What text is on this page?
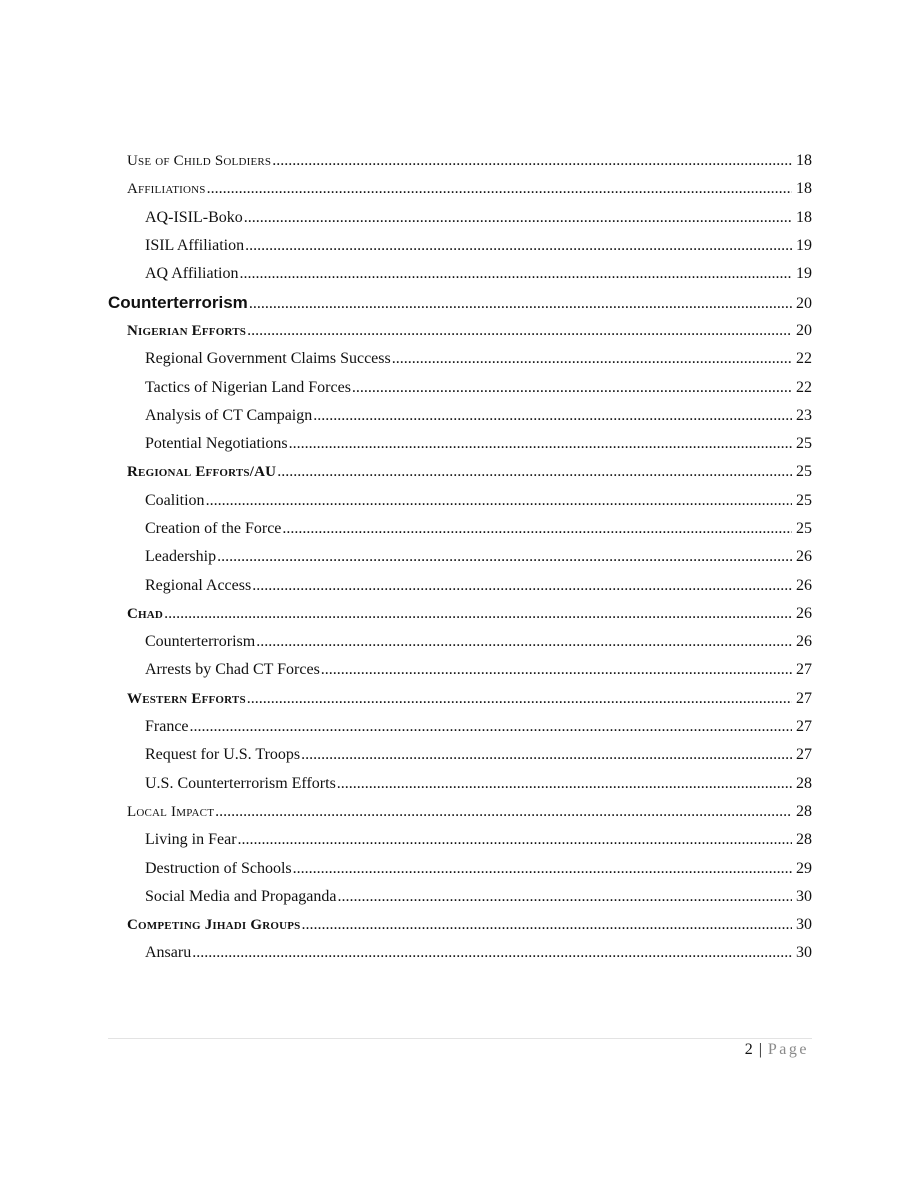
Use of Child Soldiers .....	18
Affiliations .....	18
AQ-ISIL-Boko .....	18
ISIL Affiliation .....	19
AQ Affiliation .....	19
Counterterrorism .....	20
Nigerian Efforts .....	20
Regional Government Claims Success .....	22
Tactics of Nigerian Land Forces .....	22
Analysis of CT Campaign .....	23
Potential Negotiations .....	25
Regional Efforts/AU .....	25
Coalition .....	25
Creation of the Force .....	25
Leadership .....	26
Regional Access .....	26
Chad .....	26
Counterterrorism .....	26
Arrests by Chad CT Forces .....	27
Western Efforts .....	27
France .....	27
Request for U.S. Troops .....	27
U.S. Counterterrorism Efforts .....	28
Local Impact .....	28
Living in Fear .....	28
Destruction of Schools .....	29
Social Media and Propaganda .....	30
Competing Jihadi Groups .....	30
Ansaru .....	30
2 | Page
